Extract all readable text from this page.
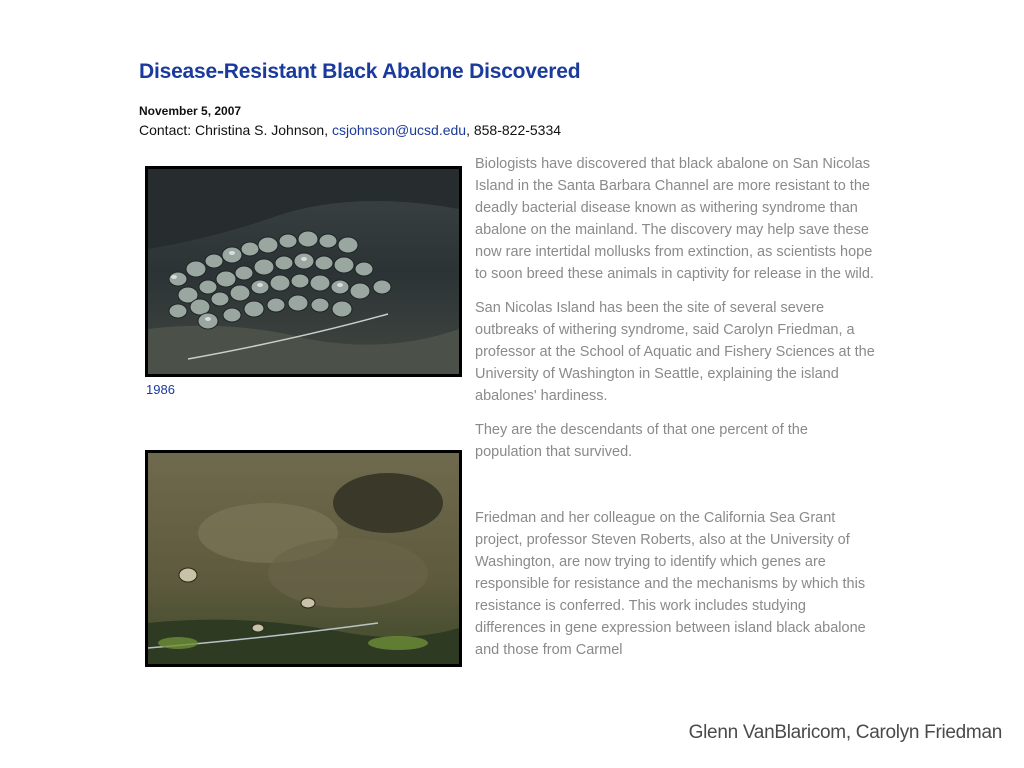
Disease-Resistant Black Abalone Discovered
November 5, 2007
Contact: Christina S. Johnson, csjohnson@ucsd.edu, 858-822-5334
1986

Biologists have discovered that black abalone on San Nicolas Island in the Santa Barbara Channel are more resistant to the deadly bacterial disease known as withering syndrome than abalone on the mainland. The discovery may help save these now rare intertidal mollusks from extinction, as scientists hope to soon breed these animals in captivity for release in the wild.

San Nicolas Island has been the site of several severe outbreaks of withering syndrome, said Carolyn Friedman, a professor at the School of Aquatic and Fishery Sciences at the University of Washington in Seattle, explaining the island abalones' hardiness.

They are the descendants of that one percent of the population that survived.

Friedman and her colleague on the California Sea Grant project, professor Steven Roberts, also at the University of Washington, are now trying to identify which genes are responsible for resistance and the mechanisms by which this resistance is conferred. This work includes studying differences in gene expression between island black abalone and those from Carmel

Glenn VanBlaricom, Carolyn Friedman
